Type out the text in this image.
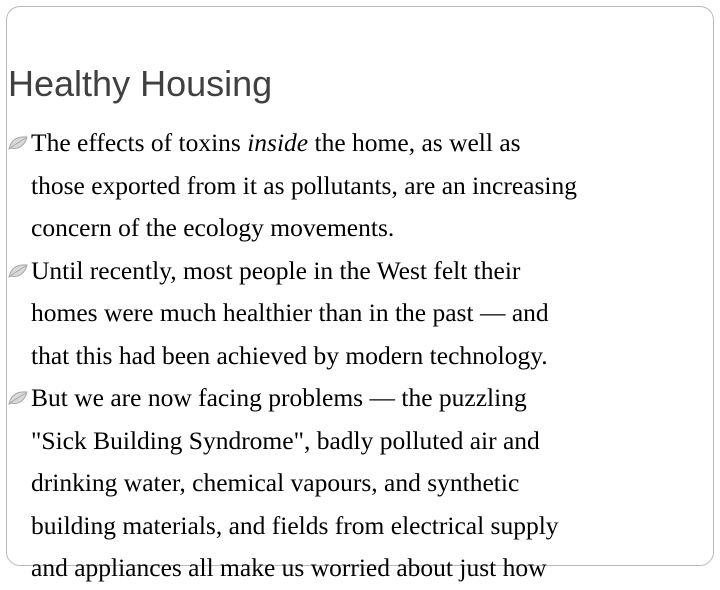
Healthy Housing
The effects of toxins inside the home, as well as
those exported from it as pollutants, are an increasing
concern of the ecology movements.
Until recently, most people in the West felt their
homes were much healthier than in the past — and
that this had been achieved by modern technology.
But we are now facing problems — the puzzling
"Sick Building Syndrome", badly polluted air and
drinking water, chemical vapours, and synthetic
building materials, and fields from electrical supply
and appliances all make us worried about just how
